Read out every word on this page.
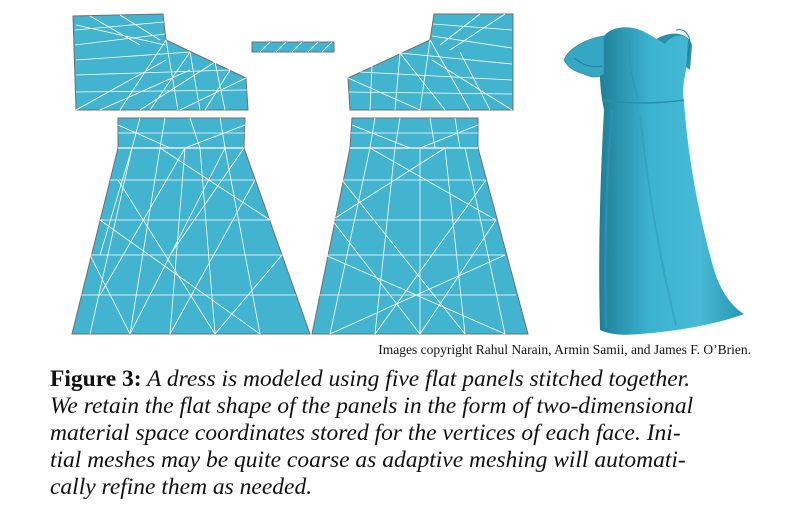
Images copyright Rahul Narain, Armin Samii, and James F. O’Brien.
Figure 3: A dress is modeled using five flat panels stitched together.
We retain the flat shape of the panels in the form of two-dimensional
material space coordinates stored for the vertices of each face. Ini-
tial meshes may be quite coarse as adaptive meshing will automati-
cally refine them as needed.
